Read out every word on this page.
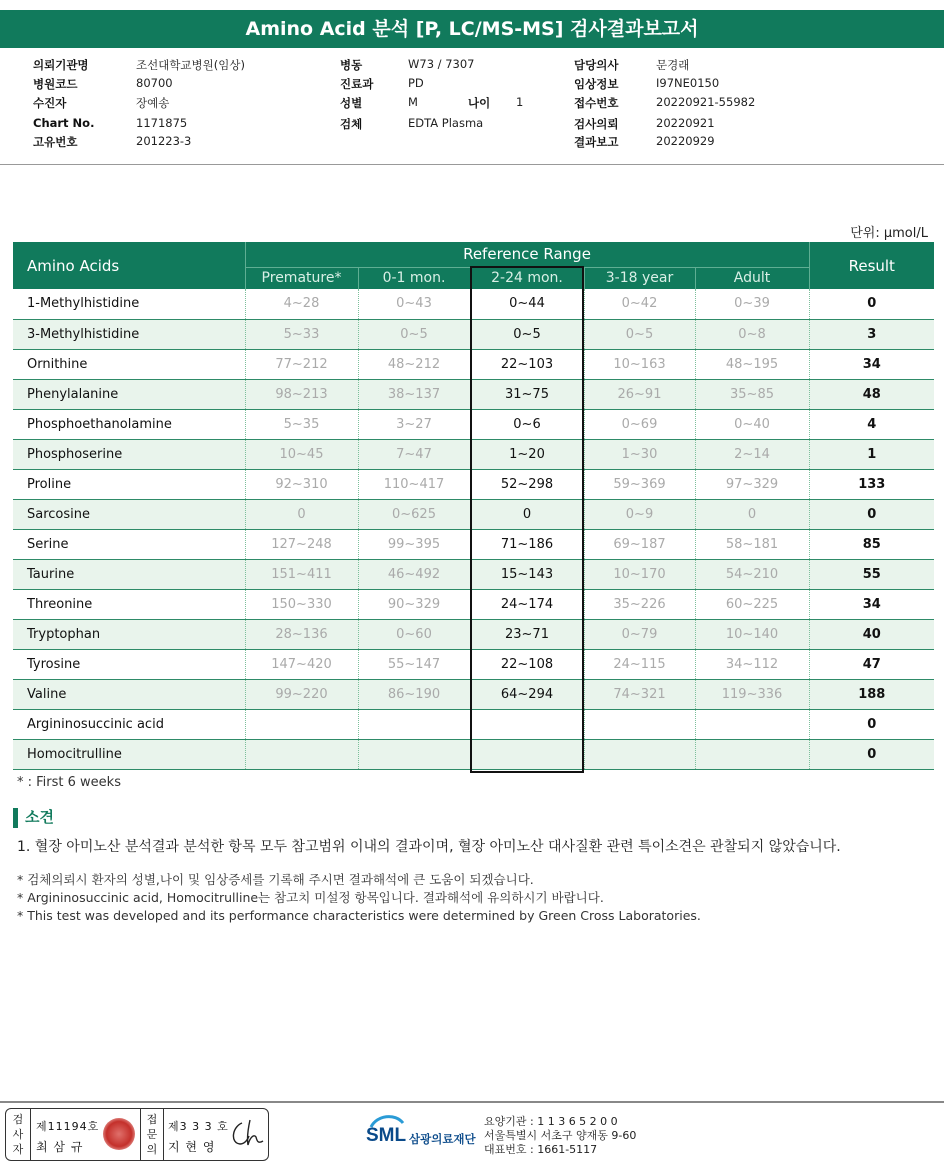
Amino Acid 분석 [P, LC/MS-MS] 검사결과보고서
의뢰기관명	조선대학교병원(임상)
병원코드	80700
수진자	장예송
Chart No.	1171875
고유번호	201223-3
병동	W73 / 7307
진료과	PD
성별	M
검체	EDTA Plasma
담당의사	문경래
임상정보	I97NE0150
접수번호	20220921-55982
검사의뢰	20220921
결과보고	20220929
나이 1
단위: μmol/L
Amino Acids	Reference Range					Result
	Premature*	0-1 mon.	2-24 mon.	3-18 year	Adult	
1-Methylhistidine	4~28	0~43	0~44	0~42	0~39	0
3-Methylhistidine	5~33	0~5	0~5	0~5	0~8	3
Ornithine	77~212	48~212	22~103	10~163	48~195	34
Phenylalanine	98~213	38~137	31~75	26~91	35~85	48
Phosphoethanolamine	5~35	3~27	0~6	0~69	0~40	4
Phosphoserine	10~45	7~47	1~20	1~30	2~14	1
Proline	92~310	110~417	52~298	59~369	97~329	133
Sarcosine	0	0~625	0	0~9	0	0
Serine	127~248	99~395	71~186	69~187	58~181	85
Taurine	151~411	46~492	15~143	10~170	54~210	55
Threonine	150~330	90~329	24~174	35~226	60~225	34
Tryptophan	28~136	0~60	23~71	0~79	10~140	40
Tyrosine	147~420	55~147	22~108	24~115	34~112	47
Valine	99~220	86~190	64~294	74~321	119~336	188
Argininosuccinic acid						0
Homocitrulline						0
* : First 6 weeks
소견
1. 혈장 아미노산 분석결과 분석한 항목 모두 참고범위 이내의 결과이며, 혈장 아미노산 대사질환 관련 특이소견은 관찰되지 않았습니다.
* 검체의뢰시 환자의 성별,나이 및 임상증세를 기록해 주시면 결과해석에 큰 도움이 되겠습니다.
* Argininosuccinic acid, Homocitrulline는 참고치 미설정 항목입니다. 결과해석에 유의하시기 바랍니다.
* This test was developed and its performance characteristics were determined by Green Cross Laboratories.
검
사
자
제11194호
최 삼 규
접
문
의
제3 3 3 호
지 현 영
SML 삼광의료재단
요양기관 : 1 1 3 6 5 2 0 0
서울특별시 서초구 양재동 9-60
대표번호 : 1661-5117
